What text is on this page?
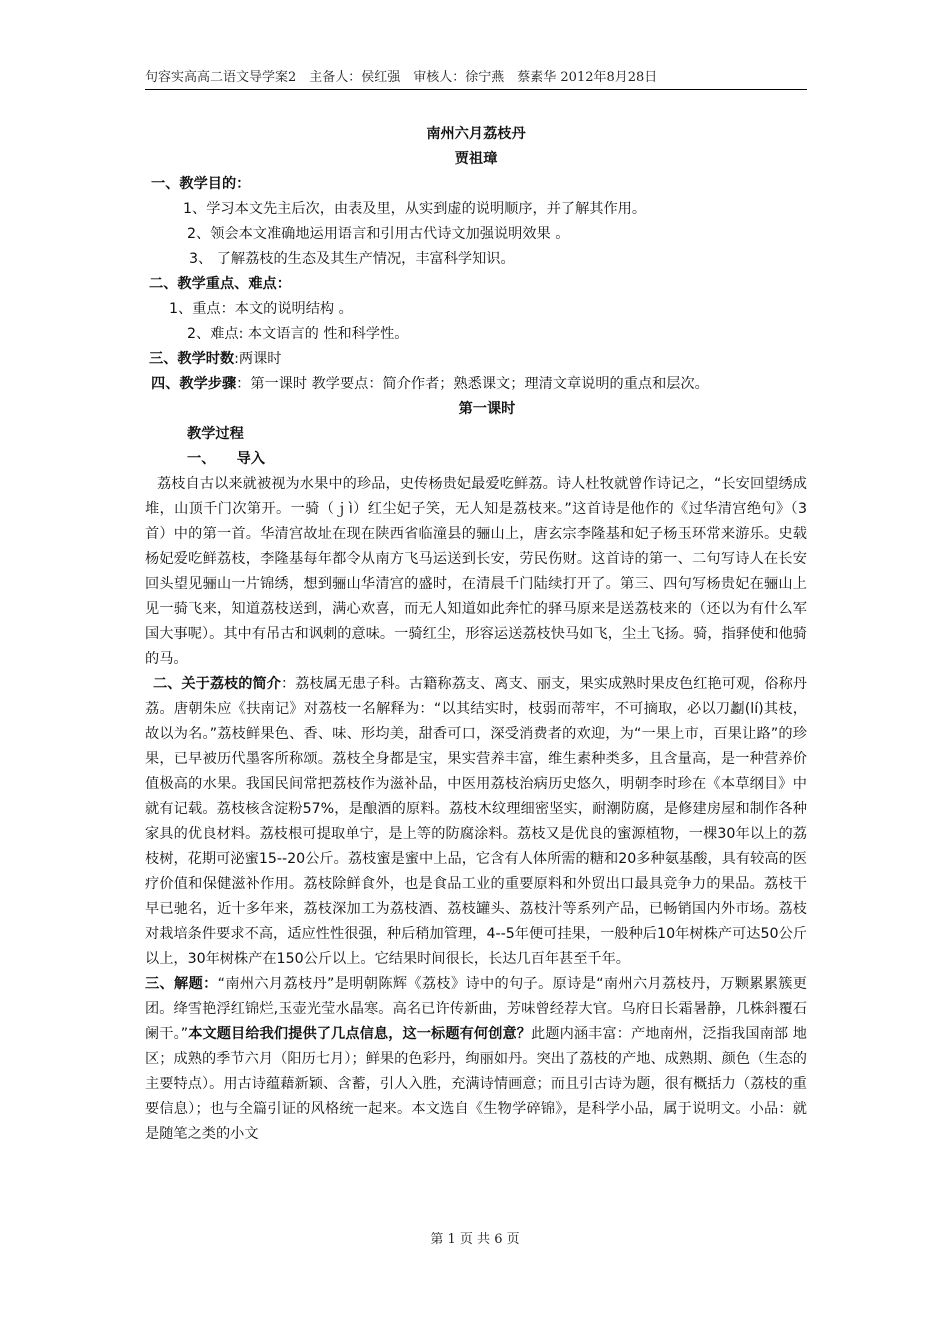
句容实高高二语文导学案2　主备人：侯红强　审核人：徐宁燕　蔡素华 2012年8月28日
南州六月荔枝丹
贾祖璋
一、教学目的：
1、学习本文先主后次，由表及里，从实到虚的说明顺序，并了解其作用。
2、领会本文准确地运用语言和引用古代诗文加强说明效果 。
3、 了解荔枝的生态及其生产情况，丰富科学知识。
二、教学重点、难点：
1、重点：本文的说明结构 。
2、难点: 本文语言的 性和科学性。
三、教学时数:两课时
四、教学步骤：第一课时 教学要点：简介作者；熟悉课文；理清文章说明的重点和层次。
第一课时
教学过程
一、　　导入

荔枝自古以来就被视为水果中的珍品，史传杨贵妃最爱吃鲜荔。诗人杜牧就曾作诗记之，“长安回望绣成堆，山顶千门次第开。一骑（ｊì）红尘妃子笑，无人知是荔枝来。”这首诗是他作的《过华清宫绝句》（3首）中的第一首。华清宫故址在现在陕西省临潼县的骊山上，唐玄宗李隆基和妃子杨玉环常来游乐。史载杨妃爱吃鲜荔枝，李隆基每年都令从南方飞马运送到长安，劳民伤财。这首诗的第一、二句写诗人在长安回头望见骊山一片锦绣，想到骊山华清宫的盛时，在清晨千门陆续打开了。第三、四句写杨贵妃在骊山上见一骑飞来，知道荔枝送到，满心欢喜，而无人知道如此奔忙的驿马原来是送荔枝来的（还以为有什么军国大事呢）。其中有吊古和讽刺的意味。一骑红尘，形容运送荔枝快马如飞，尘土飞扬。骑，指驿使和他骑的马。

二、关于荔枝的简介：荔枝属无患子科。古籍称荔支、离支、丽支，果实成熟时果皮色红艳可观，俗称丹荔。唐朝朱应《扶南记》对荔枝一名解释为：“以其结实时，枝弱而蒂牢，不可摘取，必以刀劙(lí)其枝，故以为名。”荔枝鲜果色、香、味、形均美，甜香可口，深受消费者的欢迎，为“一果上市，百果让路”的珍果，已早被历代墨客所称颂。荔枝全身都是宝，果实营养丰富，维生素种类多，且含量高，是一种营养价值极高的水果。我国民间常把荔枝作为滋补品，中医用荔枝治病历史悠久，明朝李时珍在《本草纲目》中就有记载。荔枝核含淀粉57%，是酿酒的原料。荔枝木纹理细密坚实，耐潮防腐，是修建房屋和制作各种家具的优良材料。荔枝根可提取单宁，是上等的防腐涂料。荔枝又是优良的蜜源植物，一棵30年以上的荔枝树，花期可泌蜜15--20公斤。荔枝蜜是蜜中上品，它含有人体所需的糖和20多种氨基酸，具有较高的医疗价值和保健滋补作用。荔枝除鲜食外，也是食品工业的重要原料和外贸出口最具竞争力的果品。荔枝干早已驰名，近十多年来，荔枝深加工为荔枝酒、荔枝罐头、荔枝汁等系列产品，已畅销国内外市场。荔枝对栽培条件要求不高，适应性性很强，种后稍加管理，4--5年便可挂果，一般种后10年树株产可达50公斤以上，30年树株产在150公斤以上。它结果时间很长，长达几百年甚至千年。

三、解题：“南州六月荔枝丹”是明朝陈辉《荔枝》诗中的句子。原诗是“南州六月荔枝丹，万颗累累簇更团。绛雪艳浮红锦烂,玉壶光莹水晶寒。高名已许传新曲，芳味曾经荐大官。乌府日长霜暑静，几株斜覆石阑干。”本文题目给我们提供了几点信息，这一标题有何创意？此题内涵丰富：产地南州，泛指我国南部 地区；成熟的季节六月（阳历七月）；鲜果的色彩丹，绚丽如丹。突出了荔枝的产地、成熟期、颜色（生态的主要特点）。用古诗蕴藉新颖、含蓄，引人入胜，充满诗情画意；而且引古诗为题，很有概括力（荔枝的重要信息）；也与全篇引证的风格统一起来。本文选自《生物学碎锦》，是科学小品，属于说明文。小品：就是随笔之类的小文

第 1 页 共 6 页
